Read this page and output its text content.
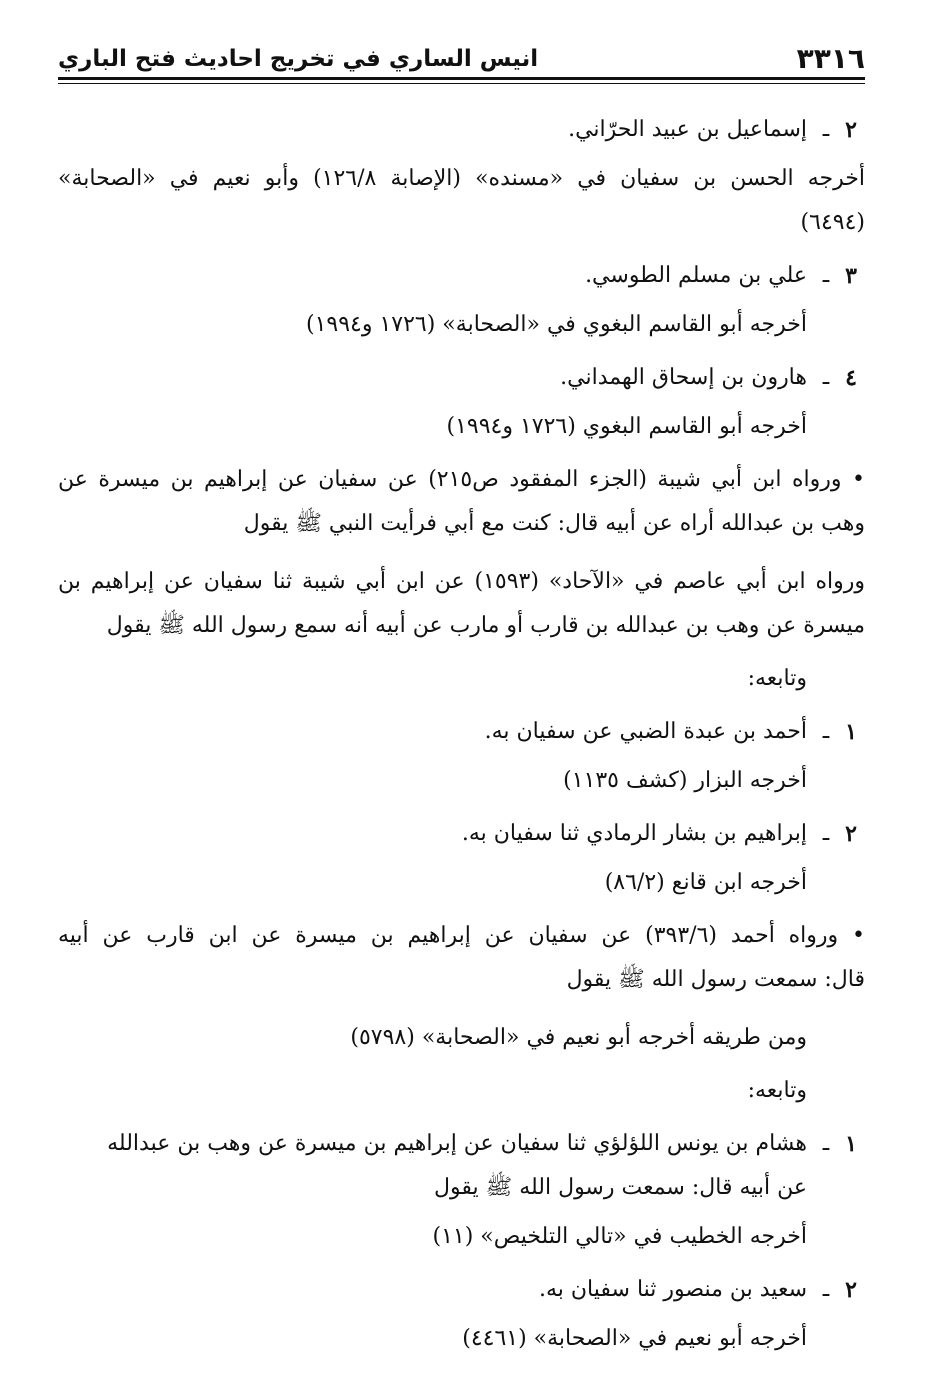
٣٣١٦
انيس الساري في تخريج احاديث فتح الباري
٢
ـ
إسماعيل بن عبيد الحرّاني.
أخرجه الحسن بن سفيان في «مسنده» (الإصابة ١٢٦/٨) وأبو نعيم في «الصحابة»
(٦٤٩٤)
٣
ـ
علي بن مسلم الطوسي.
أخرجه أبو القاسم البغوي في «الصحابة» (١٧٢٦ و١٩٩٤)
٤
ـ
هارون بن إسحاق الهمداني.
أخرجه أبو القاسم البغوي (١٧٢٦ و١٩٩٤)
• ورواه ابن أبي شيبة (الجزء المفقود ص٢١٥) عن سفيان عن إبراهيم بن ميسرة عن
وهب بن عبدالله أراه عن أبيه قال: كنت مع أبي فرأيت النبي ﷺ يقول
ورواه ابن أبي عاصم في «الآحاد» (١٥٩٣) عن ابن أبي شيبة ثنا سفيان عن إبراهيم بن
ميسرة عن وهب بن عبدالله بن قارب أو مارب عن أبيه أنه سمع رسول الله ﷺ يقول
وتابعه:
١
ـ
أحمد بن عبدة الضبي عن سفيان به.
أخرجه البزار (كشف ١١٣٥)
٢
ـ
إبراهيم بن بشار الرمادي ثنا سفيان به.
أخرجه ابن قانع (٨٦/٢)
• ورواه أحمد (٣٩٣/٦) عن سفيان عن إبراهيم بن ميسرة عن ابن قارب عن أبيه
قال: سمعت رسول الله ﷺ يقول
ومن طريقه أخرجه أبو نعيم في «الصحابة» (٥٧٩٨)
وتابعه:
١
ـ
هشام بن يونس اللؤلؤي ثنا سفيان عن إبراهيم بن ميسرة عن وهب بن عبدالله
عن أبيه قال: سمعت رسول الله ﷺ يقول
أخرجه الخطيب في «تالي التلخيص» (١١)
٢
ـ
سعيد بن منصور ثنا سفيان به.
أخرجه أبو نعيم في «الصحابة» (٤٤٦١)
